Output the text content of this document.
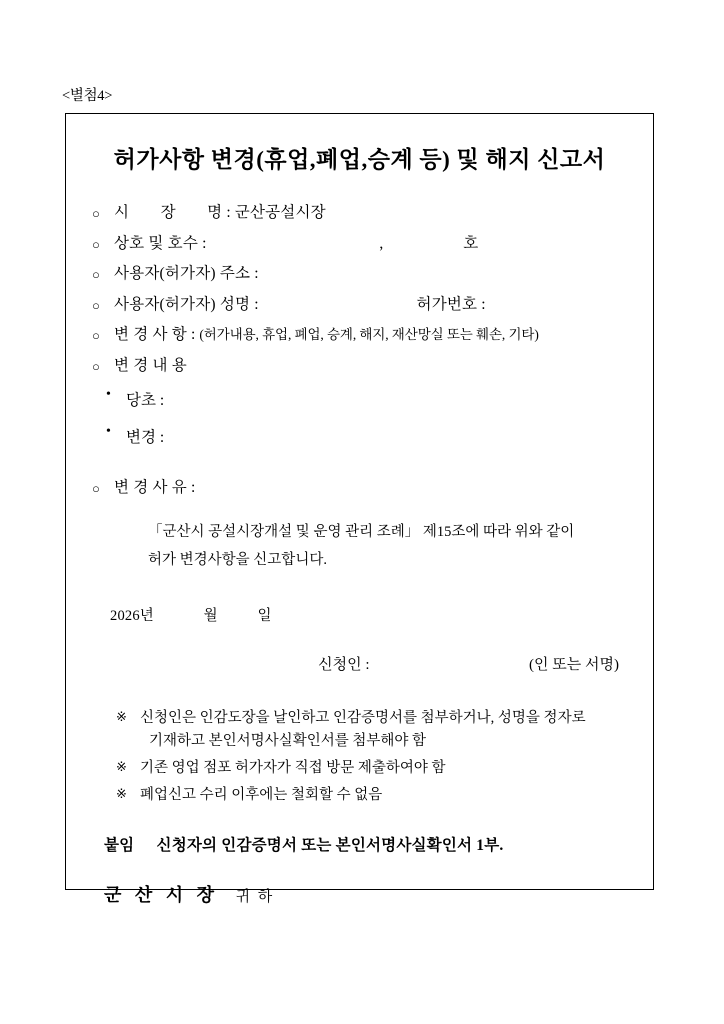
<별첨4>
허가사항 변경(휴업,폐업,승계 등) 및 해지 신고서
○ 시　　장　　명 : 군산공설시장
○ 상호 및 호수 :	,	호
○ 사용자(허가자) 주소 :
○ 사용자(허가자) 성명 :	허가번호 :
○ 변 경 사 항 : (허가내용, 휴업, 폐업, 승계, 해지, 재산망실 또는 훼손, 기타)
○ 변 경 내 용
• 당초 :
• 변경 :
○ 변 경 사 유 :
「군산시 공설시장개설 및 운영 관리 조례」 제15조에 따라 위와 같이
허가 변경사항을 신고합니다.
2026년	월	일
신청인 :	(인 또는 서명)
※ 신청인은 인감도장을 날인하고 인감증명서를 첨부하거나, 성명을 정자로
기재하고 본인서명사실확인서를 첨부해야 함
※ 기존 영업 점포 허가자가 직접 방문 제출하여야 함
※ 폐업신고 수리 이후에는 철회할 수 없음
붙임 신청자의 인감증명서 또는 본인서명사실확인서 1부.
군 산 시 장 귀 하
